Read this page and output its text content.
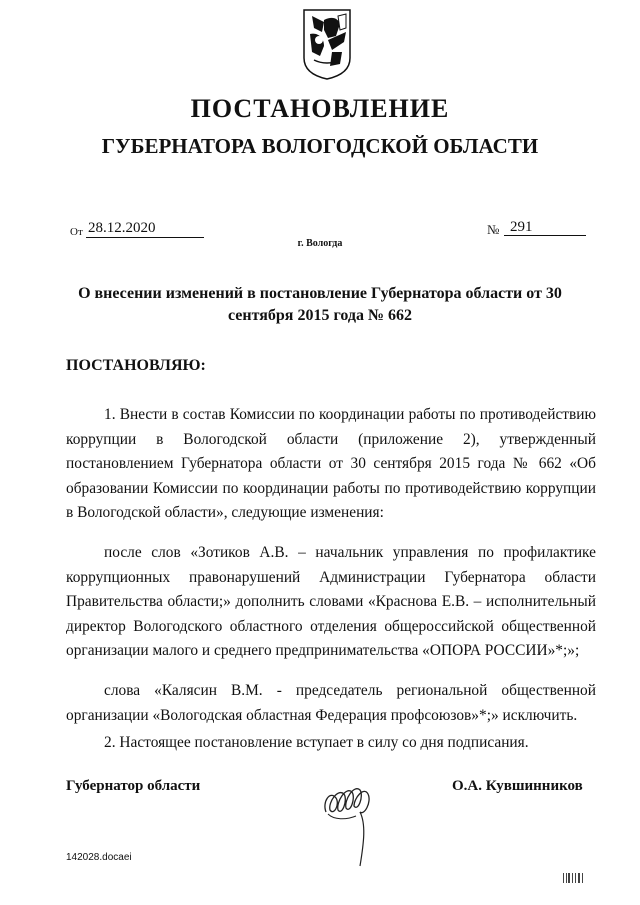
ПОСТАНОВЛЕНИЕ
ГУБЕРНАТОРА ВОЛОГОДСКОЙ ОБЛАСТИ
От 28.12.2020	№ 291
г. Вологда
О внесении изменений в постановление Губернатора области от 30 сентября 2015 года № 662
ПОСТАНОВЛЯЮ:

1. Внести в состав Комиссии по координации работы по противодействию коррупции в Вологодской области (приложение 2), утвержденный постановлением Губернатора области от 30 сентября 2015 года № 662 «Об образовании Комиссии по координации работы по противодействию коррупции в Вологодской области», следующие изменения:

после слов «Зотиков А.В. – начальник управления по профилактике коррупционных правонарушений Администрации Губернатора области Правительства области;» дополнить словами «Краснова Е.В. – исполнительный директор Вологодского областного отделения общероссийской общественной организации малого и среднего предпринимательства «ОПОРА РОССИИ»*;»;

слова «Калясин В.М. - председатель региональной общественной организации «Вологодская областная Федерация профсоюзов»*;» исключить.

2. Настоящее постановление вступает в силу со дня подписания.

Губернатор области	О.А. Кувшинников
142028.docaei
